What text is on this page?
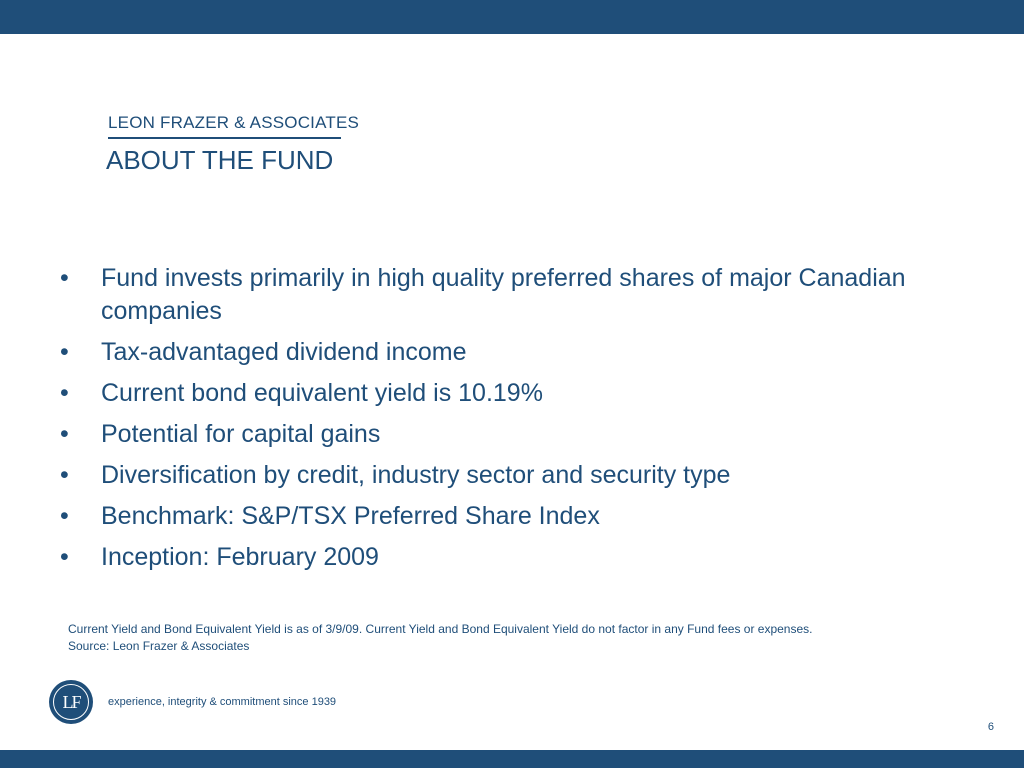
LEON FRAZER & ASSOCIATES
ABOUT THE FUND
• Fund invests primarily in high quality preferred shares of major Canadian companies
• Tax-advantaged dividend income
• Current bond equivalent yield is 10.19%
• Potential for capital gains
• Diversification by credit, industry sector and security type
• Benchmark: S&P/TSX Preferred Share Index
• Inception: February 2009
Current Yield and Bond Equivalent Yield is as of 3/9/09. Current Yield and Bond Equivalent Yield do not factor in any Fund fees or expenses.
Source: Leon Frazer & Associates
LF	experience, integrity & commitment since 1939
6
